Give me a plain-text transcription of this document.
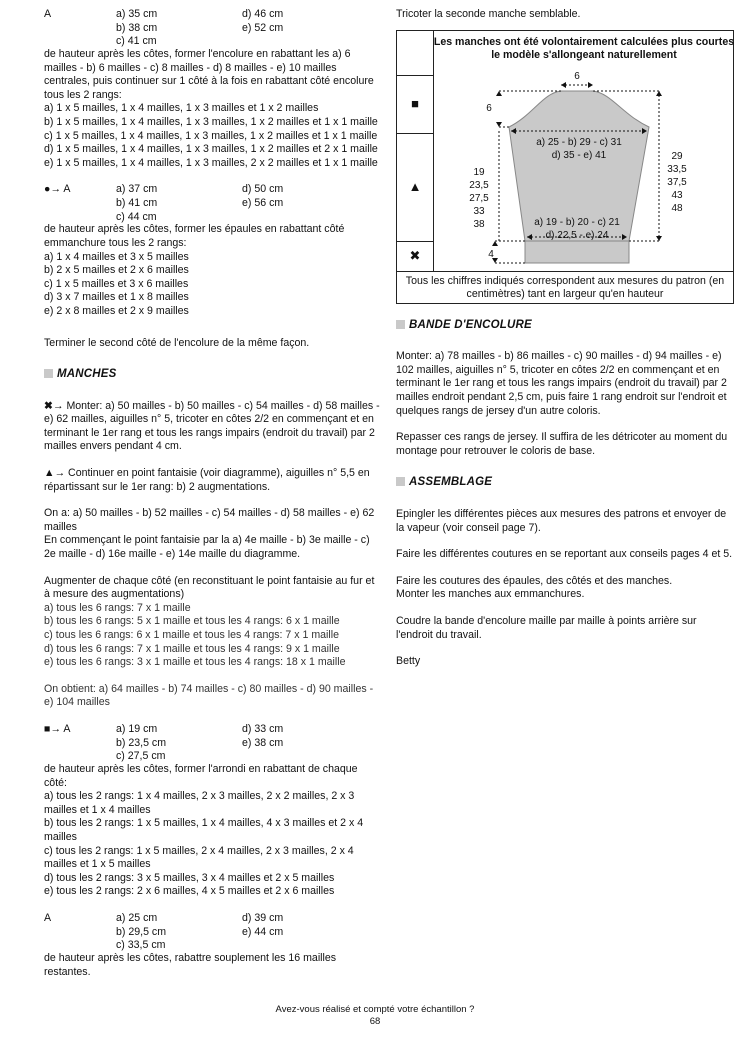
A	a) 35 cm
b) 38 cm
c) 41 cm
d) 46 cm
e) 52 cm

de hauteur après les côtes, former l'encolure en rabattant les a) 6 mailles - b) 6 mailles - c) 8 mailles - d) 8 mailles - e) 10 mailles centrales, puis continuer sur 1 côté à la fois en rabattant côté encolure tous les 2 rangs:

a) 1 x 5 mailles, 1 x 4 mailles, 1 x 3 mailles et 1 x 2 mailles

b) 1 x 5 mailles, 1 x 4 mailles, 1 x 3 mailles, 1 x 2 mailles et 1 x 1 maille

c) 1 x 5 mailles, 1 x 4 mailles, 1 x 3 mailles, 1 x 2 mailles et 1 x 1 maille

d) 1 x 5 mailles, 1 x 4 mailles, 1 x 3 mailles, 1 x 2 mailles et 2 x 1 maille

e) 1 x 5 mailles, 1 x 4 mailles, 1 x 3 mailles, 2 x 2 mailles et 1 x 1 maille

●→ A	a) 37 cm
b) 41 cm
c) 44 cm
d) 50 cm
e) 56 cm

de hauteur après les côtes, former les épaules en rabattant côté emmanchure tous les 2 rangs:

a) 1 x 4 mailles et 3 x 5 mailles

b) 2 x 5 mailles et 2 x 6 mailles

c) 1 x 5 mailles et 3 x 6 mailles

d) 3 x 7 mailles et 1 x 8 mailles

e) 2 x 8 mailles et 2 x 9 mailles

Terminer le second côté de l'encolure de la même façon.

MANCHES

✖→ Monter: a) 50 mailles - b) 50 mailles - c) 54 mailles - d) 58 mailles - e) 62 mailles, aiguilles n° 5, tricoter en côtes 2/2 en commençant et en terminant le 1er rang et tous les rangs impairs (endroit du travail) par 2 mailles envers pendant 4 cm.

▲→ Continuer en point fantaisie (voir diagramme), aiguilles n° 5,5 en répartissant sur le 1er rang: b) 2 augmentations.

On a: a) 50 mailles - b) 52 mailles - c) 54 mailles - d) 58 mailles - e) 62 mailles

En commençant le point fantaisie par la a) 4e maille - b) 3e maille - c) 2e maille - d) 16e maille - e) 14e maille du diagramme.

Augmenter de chaque côté (en reconstituant le point fantaisie au fur et à mesure des augmentations)

a) tous les 6 rangs: 7 x 1 maille

b) tous les 6 rangs: 5 x 1 maille et tous les 4 rangs: 6 x 1 maille

c) tous les 6 rangs: 6 x 1 maille et tous les 4 rangs: 7 x 1 maille

d) tous les 6 rangs: 7 x 1 maille et tous les 4 rangs: 9 x 1 maille

e) tous les 6 rangs: 3 x 1 maille et tous les 4 rangs: 18 x 1 maille

On obtient: a) 64 mailles - b) 74 mailles - c) 80 mailles - d) 90 mailles - e) 104 mailles

■→ A	a) 19 cm
b) 23,5 cm
c) 27,5 cm
d) 33 cm
e) 38 cm

de hauteur après les côtes, former l'arrondi en rabattant de chaque côté:

a) tous les 2 rangs: 1 x 4 mailles, 2 x 3 mailles, 2 x 2 mailles, 2 x 3 mailles et 1 x 4 mailles

b) tous les 2 rangs: 1 x 5 mailles, 1 x 4 mailles, 4 x 3 mailles et 2 x 4 mailles

c) tous les 2 rangs: 1 x 5 mailles, 2 x 4 mailles, 2 x 3 mailles, 2 x 4 mailles et 1 x 5 mailles

d) tous les 2 rangs: 3 x 5 mailles, 3 x 4 mailles et 2 x 5 mailles

e) tous les 2 rangs: 2 x 6 mailles, 4 x 5 mailles et 2 x 6 mailles

A	a) 25 cm
b) 29,5 cm
c) 33,5 cm
d) 39 cm
e) 44 cm

de hauteur après les côtes, rabattre souplement les 16 mailles restantes.

Tricoter la seconde manche semblable.

BANDE D'ENCOLURE

Monter: a) 78 mailles - b) 86 mailles - c) 90 mailles - d) 94 mailles - e) 102 mailles, aiguilles n° 5, tricoter en côtes 2/2 en commençant et en terminant le 1er rang et tous les rangs impairs (endroit du travail) par 2 mailles endroit pendant 2,5 cm, puis faire 1 rang endroit sur l'endroit et quelques rangs de jersey d'un autre coloris.

Repasser ces rangs de jersey. Il suffira de les détricoter au moment du montage pour retrouver le coloris de base.

ASSEMBLAGE

Epingler les différentes pièces aux mesures des patrons et envoyer de la vapeur (voir conseil page 7).

Faire les différentes coutures en se reportant aux conseils pages 4 et 5.

Faire les coutures des épaules, des côtés et des manches.

Monter les manches aux emmanchures.

Coudre la bande d'encolure maille par maille à points arrière sur l'endroit du travail.

Betty

■
▲
✖
Les manches ont été volontairement calculées plus courtes le modèle s'allongeant naturellement
6
6
a) 25 - b) 29 - c) 31
d) 35 - e) 41
19
23,5
27,5
33
38
29
33,5
37,5
43
48
a) 19 - b) 20 - c) 21
d) 22,5 - e) 24
4
Tous les chiffres indiqués correspondent aux mesures du patron (en centimètres) tant en largeur qu'en hauteur
Avez-vous réalisé et compté votre échantillon ?
68
